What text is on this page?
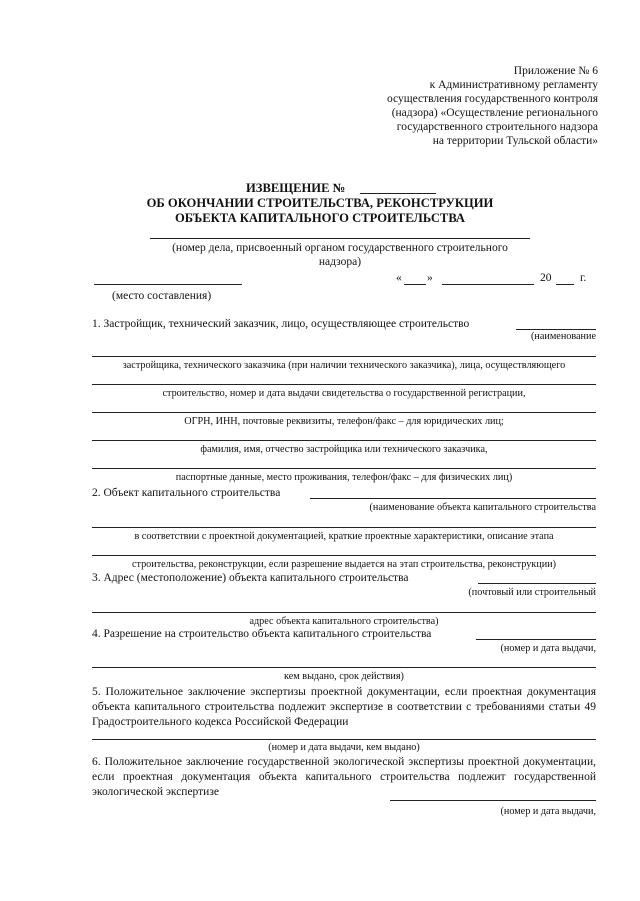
Приложение № 6
к Административному регламенту
осуществления государственного контроля
(надзора) «Осуществление регионального
государственного строительного надзора
на территории Тульской области»
ИЗВЕЩЕНИЕ №
ОБ ОКОНЧАНИИ СТРОИТЕЛЬСТВА, РЕКОНСТРУКЦИИ
ОБЪЕКТА КАПИТАЛЬНОГО СТРОИТЕЛЬСТВА
(номер дела, присвоенный органом государственного строительного
надзора)
« »	20 г.
(место составления)
1. Застройщик, технический заказчик, лицо, осуществляющее строительство
(наименование
застройщика, технического заказчика (при наличии технического заказчика), лица, осуществляющего
строительство, номер и дата выдачи свидетельства о государственной регистрации,
ОГРН, ИНН, почтовые реквизиты, телефон/факс – для юридических лиц;
фамилия, имя, отчество застройщика или технического заказчика,
паспортные данные, место проживания, телефон/факс – для физических лиц)
2. Объект капитального строительства
(наименование объекта капитального строительства
в соответствии с проектной документацией, краткие проектные характеристики, описание этапа
строительства, реконструкции, если разрешение выдается на этап строительства, реконструкции)
3. Адрес (местоположение) объекта капитального строительства
(почтовый или строительный
адрес объекта капитального строительства)
4. Разрешение на строительство объекта капитального строительства
(номер и дата выдачи,
кем выдано, срок действия)
5. Положительное заключение экспертизы проектной документации, если проектная документация объекта капитального строительства подлежит экспертизе в соответствии с требованиями статьи 49 Градостроительного кодекса Российской Федерации
(номер и дата выдачи, кем выдано)
6. Положительное заключение государственной экологической экспертизы проектной документации, если проектная документация объекта капитального строительства подлежит государственной экологической экспертизе
(номер и дата выдачи,
